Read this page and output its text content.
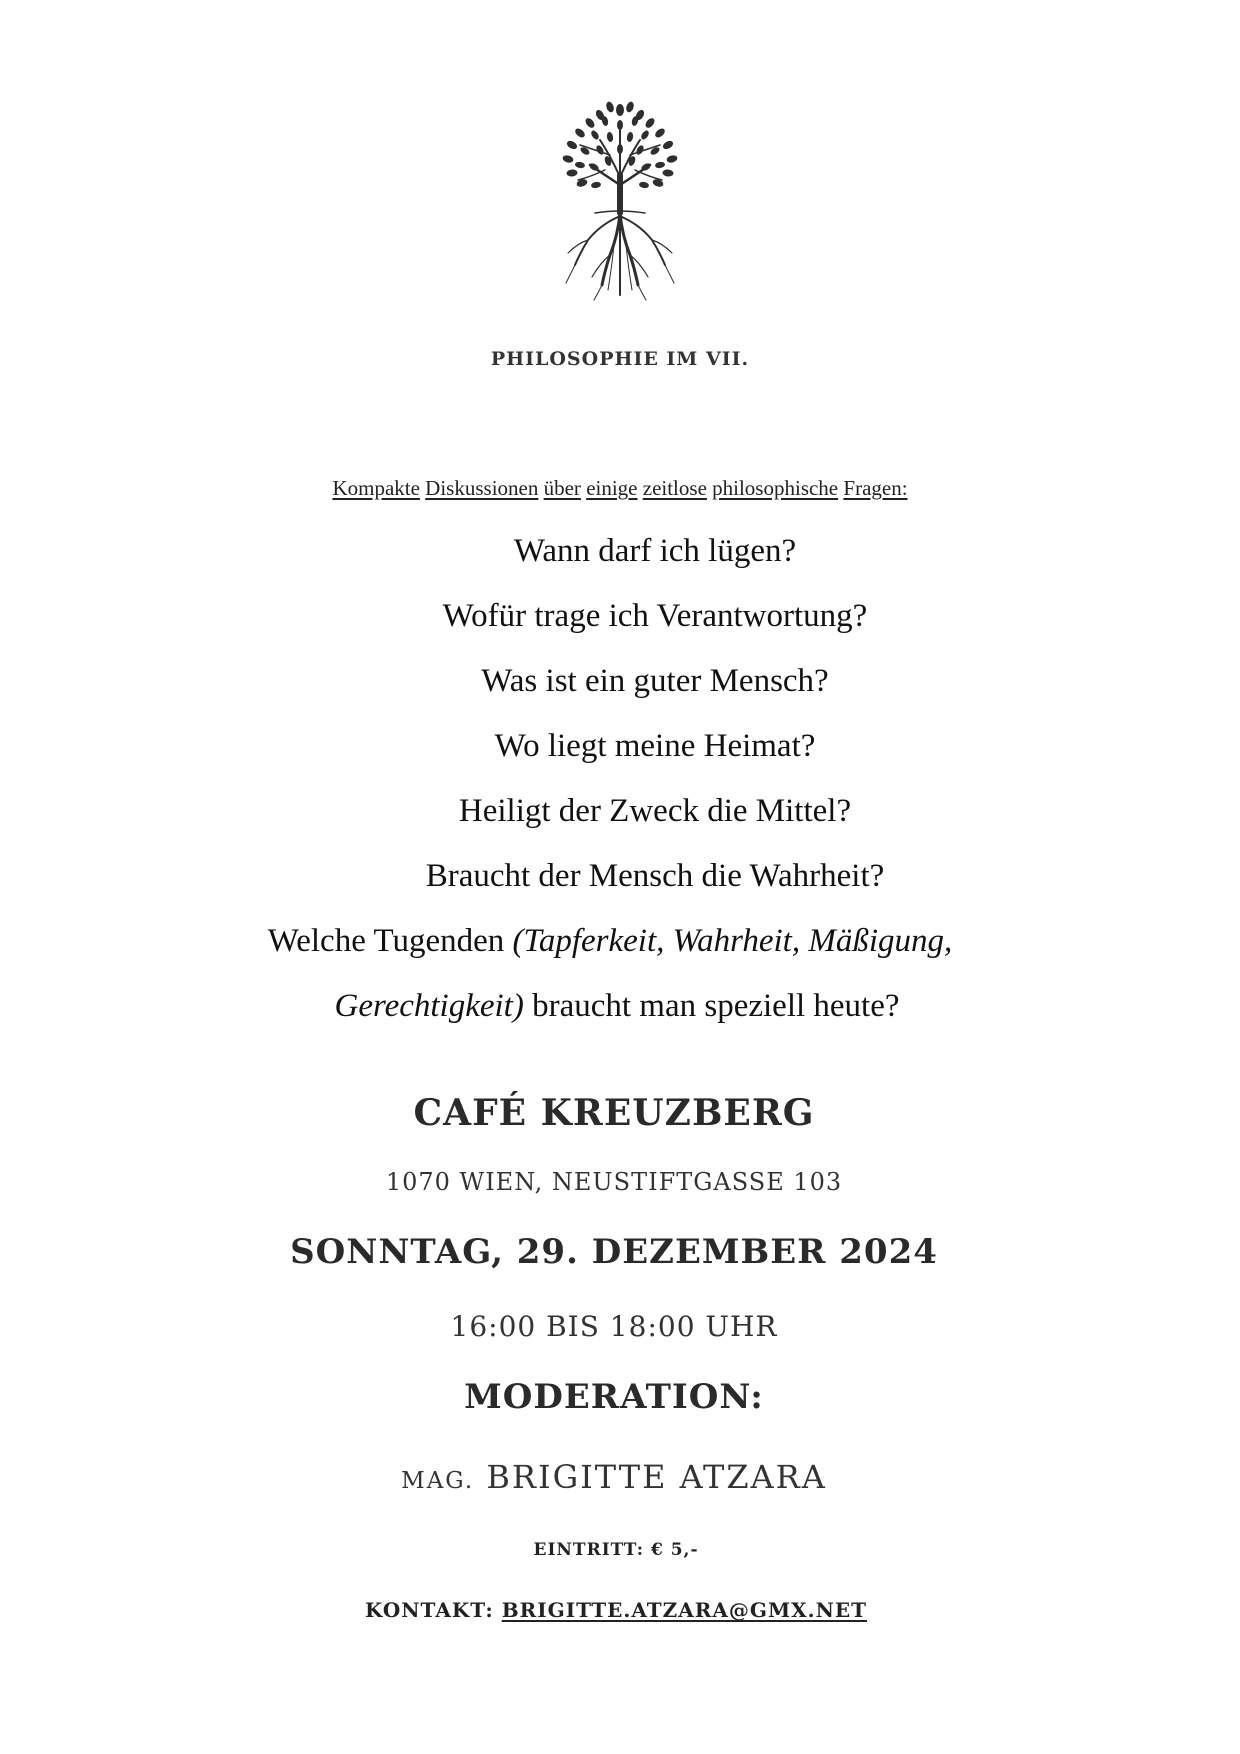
PHILOSOPHIE IM VII.
Kompakte Diskussionen über einige zeitlose philosophische Fragen:
Wann darf ich lügen?
Wofür trage ich Verantwortung?
Was ist ein guter Mensch?
Wo liegt meine Heimat?
Heiligt der Zweck die Mittel?
Braucht der Mensch die Wahrheit?
Welche Tugenden (Tapferkeit, Wahrheit, Mäßigung,
Gerechtigkeit) braucht man speziell heute?
CAFÉ KREUZBERG
1070 WIEN, NEUSTIFTGASSE 103
SONNTAG, 29. DEZEMBER 2024
16:00 BIS 18:00 UHR
MODERATION:
MAG. BRIGITTE ATZARA
EINTRITT: € 5,-
KONTAKT: BRIGITTE.ATZARA@GMX.NET
